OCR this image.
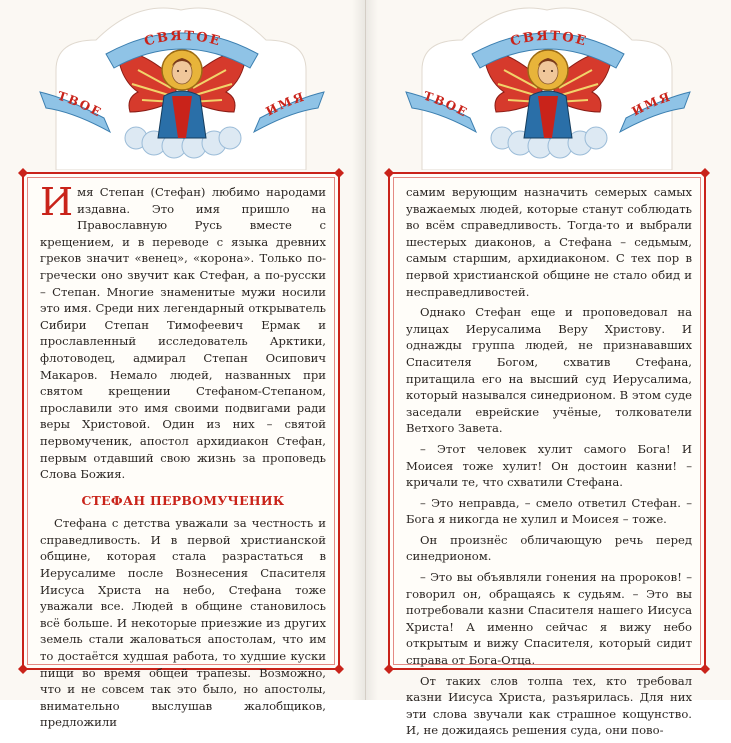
СВЯТОЕ
ТВОЕ	ИМЯ

Имя Степан (Стефан) любимо народами издавна. Это имя пришло на Православную Русь вместе с крещением, и в переводе с языка древних греков значит «венец», «корона». Только по-гречески оно звучит как Стефан, а по-русски – Степан. Многие знаменитые мужи носили это имя. Среди них легендарный открыватель Сибири Степан Тимофеевич Ермак и прославленный исследователь Арктики, флотоводец, адмирал Степан Осипович Макаров. Немало людей, названных при святом крещении Стефаном-Степаном, прославили это имя своими подвигами ради веры Христовой. Один из них – святой первомученик, апостол архидиакон Стефан, первым отдавший свою жизнь за проповедь Слова Божия.

СТЕФАН ПЕРВОМУЧЕНИК

Стефана с детства уважали за честность и справедливость. И в первой христианской общине, которая стала разрастаться в Иерусалиме после Вознесения Спасителя Иисуса Христа на небо, Стефана тоже уважали все. Людей в общине становилось всё больше. И некоторые приезжие из других земель стали жаловаться апостолам, что им то достаётся худшая работа, то худшие куски пищи во время общей трапезы. Возможно, что и не совсем так это было, но апостолы, внимательно выслушав жалобщиков, предложили

СВЯТОЕ
ТВОЕ	ИМЯ

самим верующим назначить семерых самых уважаемых людей, которые станут соблюдать во всём справедливость. Тогда-то и выбрали шестерых диаконов, а Стефана – седьмым, самым старшим, архидиаконом. С тех пор в первой христианской общине не стало обид и несправедливостей.

Однако Стефан еще и проповедовал на улицах Иерусалима Веру Христову. И однажды группа людей, не признававших Спасителя Богом, схватив Стефана, притащила его на высший суд Иерусалима, который назывался синедрионом. В этом суде заседали еврейские учёные, толкователи Ветхого Завета.

– Этот человек хулит самого Бога! И Моисея тоже хулит! Он достоин казни! – кричали те, что схватили Стефана.

– Это неправда, – смело ответил Стефан. – Бога я никогда не хулил и Моисея – тоже.

Он произнёс обличающую речь перед синедрионом.

– Это вы объявляли гонения на пророков! – говорил он, обращаясь к судьям. – Это вы потребовали казни Спасителя нашего Иисуса Христа! А именно сейчас я вижу небо открытым и вижу Спасителя, который сидит справа от Бога-Отца.

От таких слов толпа тех, кто требовал казни Иисуса Христа, разъярилась. Для них эти слова звучали как страшное кощунство. И, не дожидаясь решения суда, они пово-
